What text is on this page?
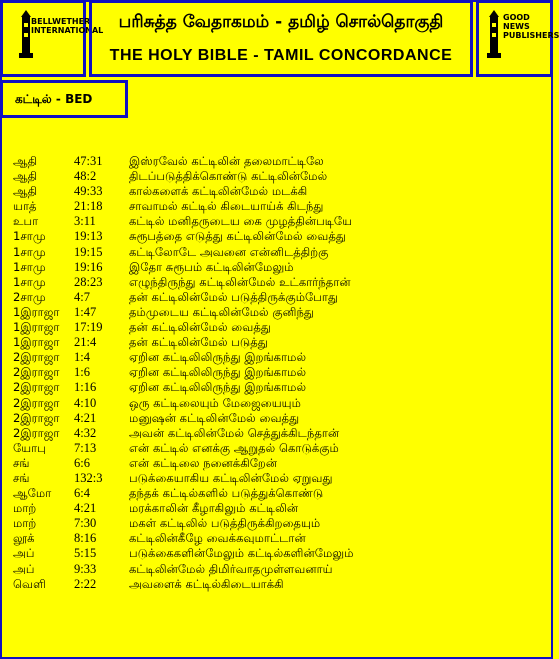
BELLWETHER INTERNATIONAL பரிசுத்த வேதாகமம் - தமிழ் சொல்தொகுதி
THE HOLY BIBLE - TAMIL CONCORDANCE
GOOD NEWS PUBLISHERS
கட்டில் - BED
ஆதி	47:31 இஸ்ரவேல் கட்டிலின் தலைமாட்டிலே
ஆதி	48:2	திடப்படுத்திக்கொண்டு கட்டிலின்மேல்
ஆதி	49:33 கால்களைக் கட்டிலின்மேல் மடக்கி
யாத்	21:18 சாவாமல் கட்டில் கிடையாய்க் கிடந்து
உபா	3:11	கட்டில் மனிதருடைய கை முழத்தின்படியே
1சாமு 19:13 சுரூபத்தை எடுத்து கட்டிலின்மேல் வைத்து
1சாமு 19:15 கட்டிலோடே அவனை என்னிடத்திற்கு
1சாமு 19:16 இதோ சுரூபம் கட்டிலின்மேலும்
1சாமு 28:23 எழுந்திருந்து கட்டிலின்மேல் உட்கார்ந்தான்
2சாமு 4:7	தன் கட்டிலின்மேல் படுத்திருக்கும்போது
1இராஜா 1:47	தம்முடைய கட்டிலின்மேல் குனிந்து
1இராஜா 17:19 தன் கட்டிலின்மேல் வைத்து
1இராஜா 21:4	தன் கட்டிலின்மேல் படுத்து
2இராஜா 1:4	ஏறின கட்டிலிலிருந்து இறங்காமல்
2இராஜா 1:6	ஏறின கட்டிலிலிருந்து இறங்காமல்
2இராஜா 1:16	ஏறின கட்டிலிலிருந்து இறங்காமல்
2இராஜா 4:10	ஒரு கட்டிலையும் மேஜையையும்
2இராஜா 4:21	மனுஷன் கட்டிலின்மேல் வைத்து
2இராஜா 4:32	அவன் கட்டிலின்மேல் செத்துக்கிடந்தான்
யோபு 7:13	என் கட்டில் எனக்கு ஆறுதல் கொடுக்கும்
சங்	6:6	என் கட்டிலை நனைக்கிறேன்
சங்	132:3 படுக்கையாகிய கட்டிலின்மேல் ஏறுவது
ஆமோ 6:4	தந்தக் கட்டில்களில் படுத்துக்கொண்டு
மாற்	4:21	மரக்காலின் கீழாகிலும் கட்டிலின்
மாற்	7:30	மகள் கட்டிலில் படுத்திருக்கிறதையும்
லூக்	8:16	கட்டிலின்கீழே வைக்கவுமாட்டான்
அப்	5:15	படுக்கைகளின்மேலும் கட்டில்களின்மேலும்
அப்	9:33	கட்டிலின்மேல் திமிர்வாதமுள்ளவனாய்
வெளி 2:22	அவளைக் கட்டில்கிடையாக்கி
